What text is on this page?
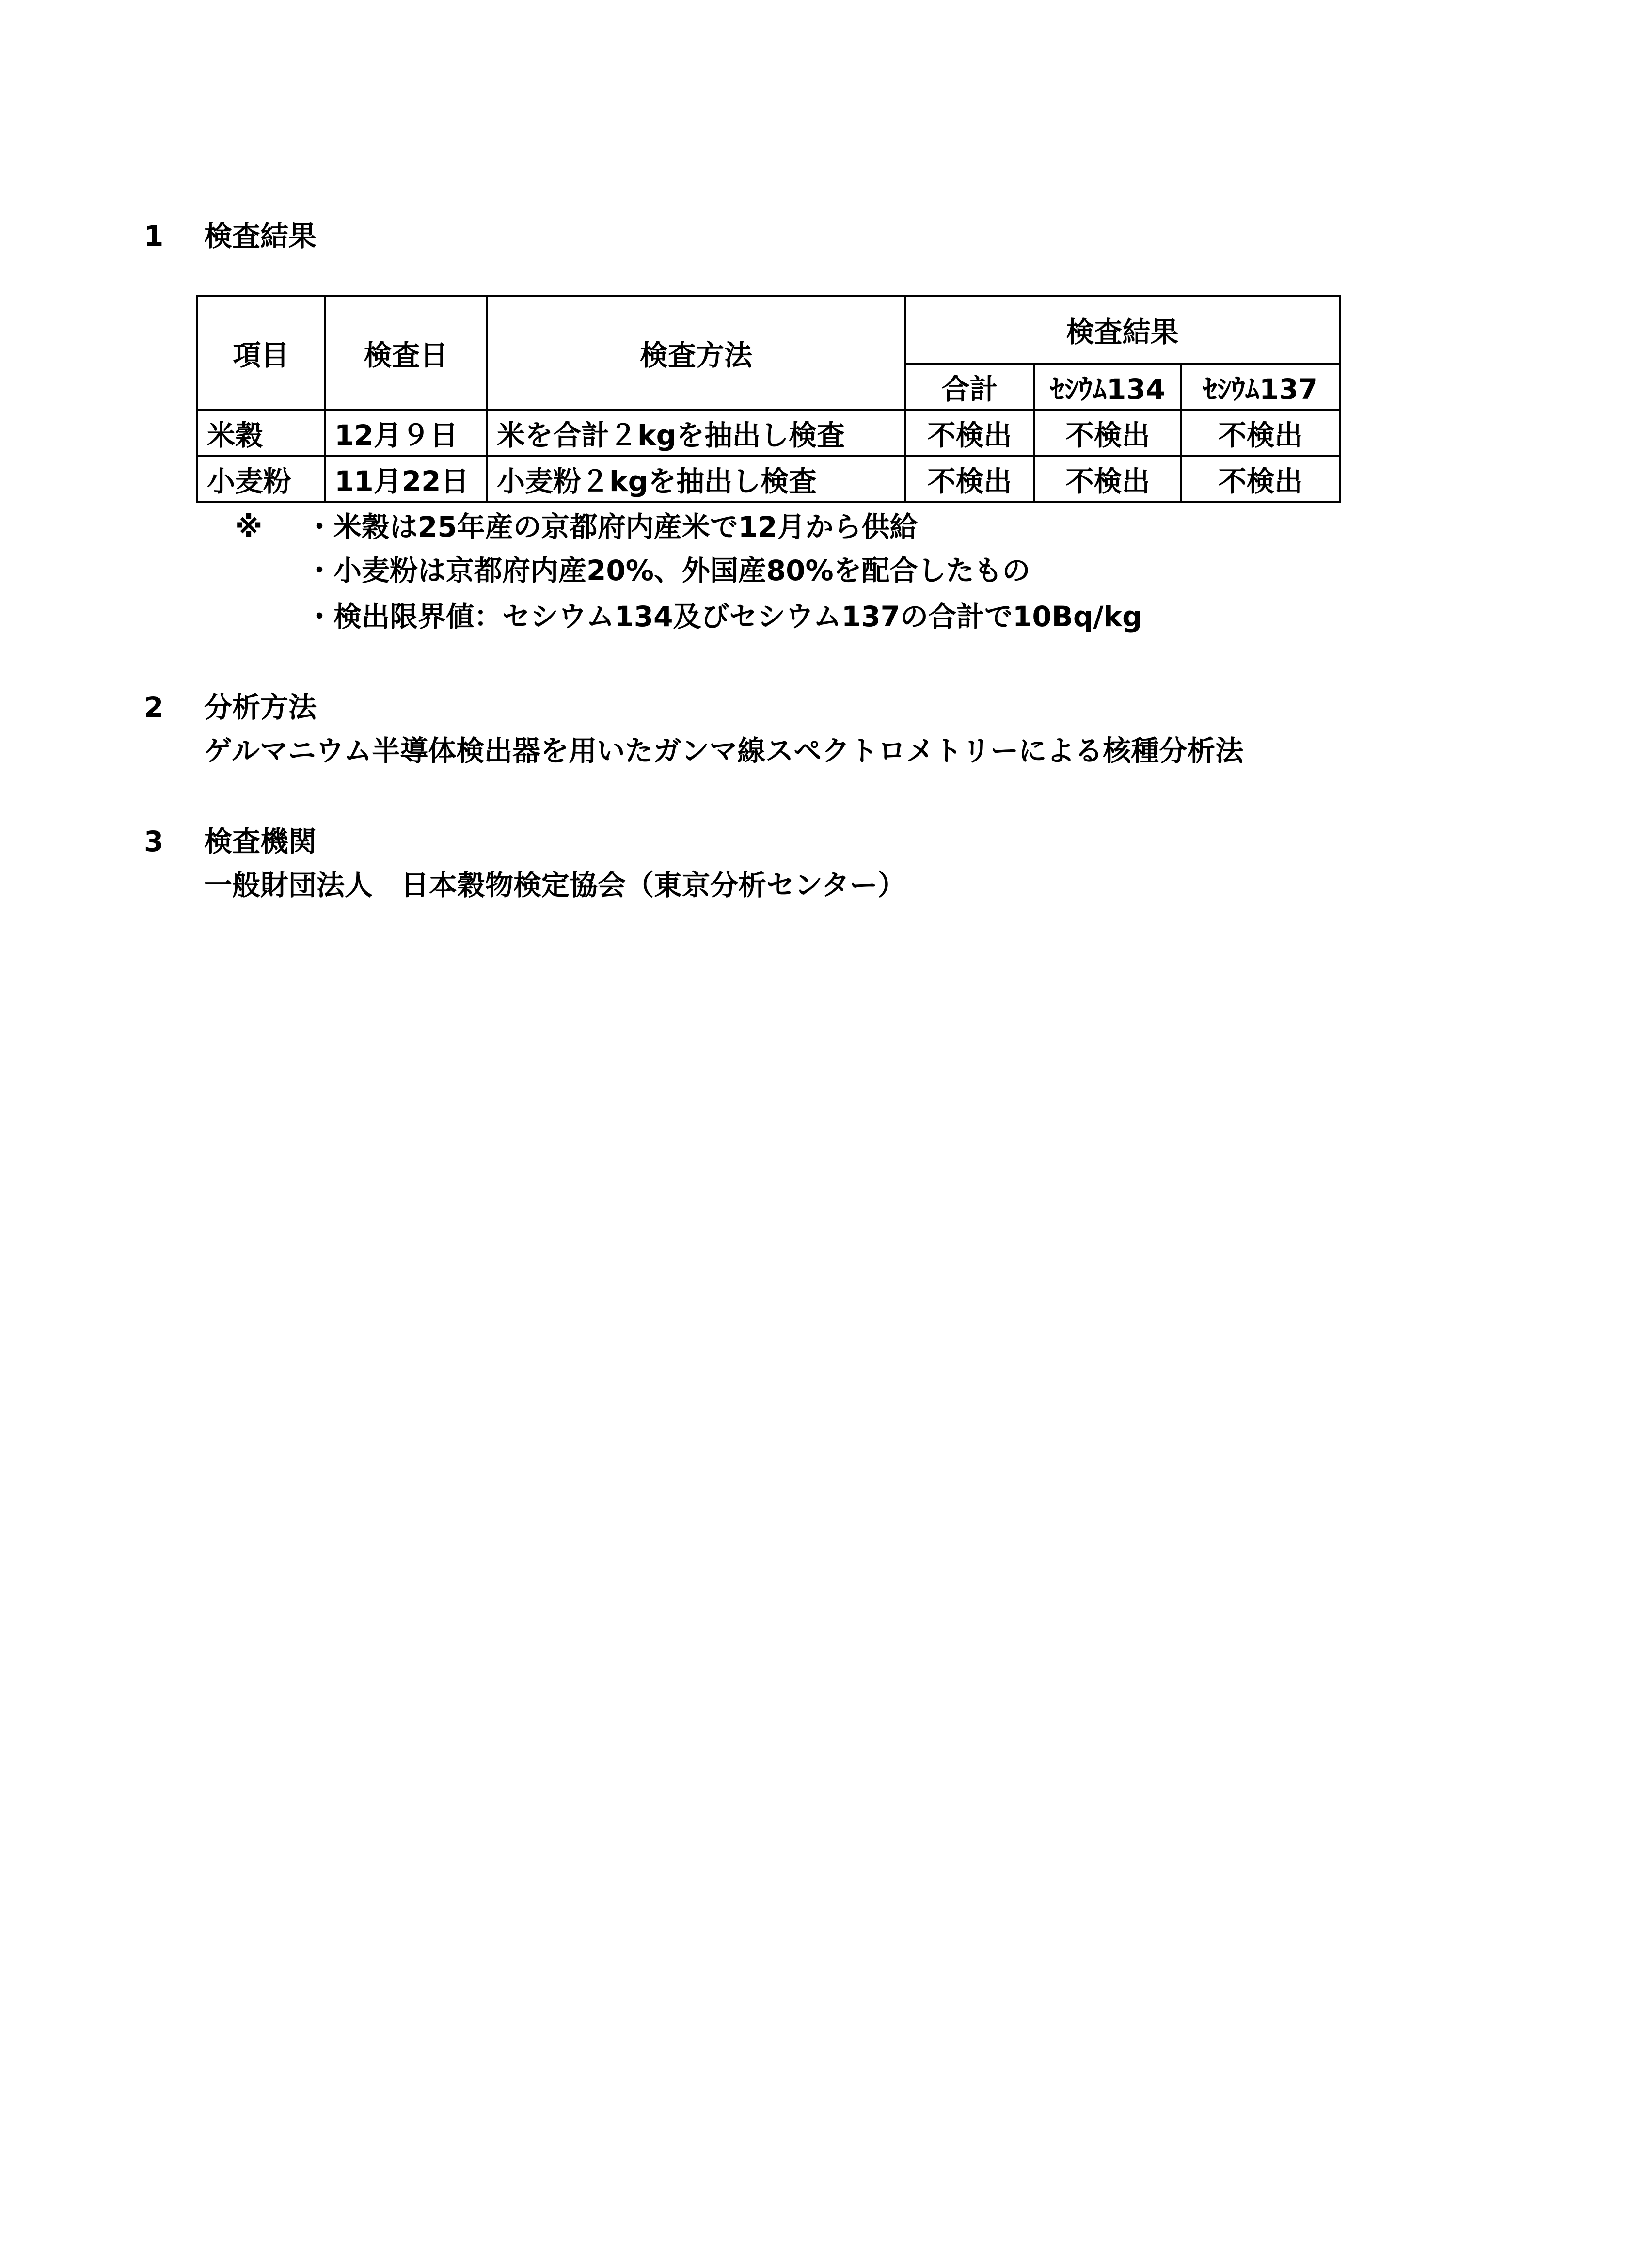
1 検査結果
項目	検査日	検査方法	検査結果		
			合計	ｾｼｳﾑ134	ｾｼｳﾑ137
米穀	12月９日	米を合計２kgを抽出し検査	不検出	不検出	不検出
小麦粉	11月22日	小麦粉２kgを抽出し検査	不検出	不検出	不検出
※ ・米穀は25年産の京都府内産米で12月から供給
・小麦粉は京都府内産20%、外国産80%を配合したもの
・検出限界値：セシウム134及びセシウム137の合計で10Bq/kg
2 分析方法
ゲルマニウム半導体検出器を用いたガンマ線スペクトロメトリーによる核種分析法
3 検査機関
一般財団法人　日本穀物検定協会（東京分析センター）
